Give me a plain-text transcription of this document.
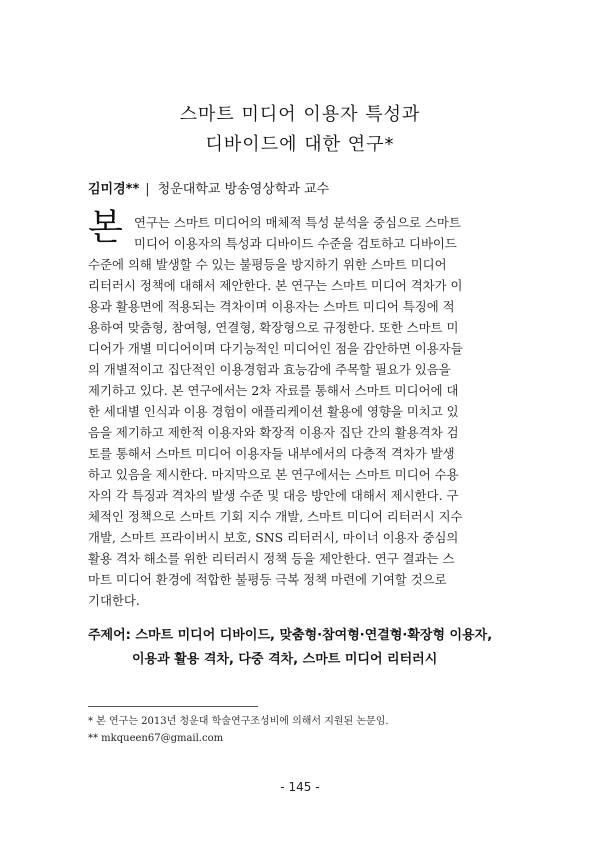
스마트 미디어 이용자 특성과
디바이드에 대한 연구*
김미경** | 청운대학교 방송영상학과 교수
본 연구는 스마트 미디어의 매체적 특성 분석을 중심으로 스마트
미디어 이용자의 특성과 디바이드 수준을 검토하고 디바이드
수준에 의해 발생할 수 있는 불평등을 방지하기 위한 스마트 미디어
리터러시 정책에 대해서 제안한다. 본 연구는 스마트 미디어 격차가 이
용과 활용면에 적용되는 격차이며 이용자는 스마트 미디어 특징에 적
용하여 맞춤형, 참여형, 연결형, 확장형으로 규정한다. 또한 스마트 미
디어가 개별 미디어이며 다기능적인 미디어인 점을 감안하면 이용자들
의 개별적이고 집단적인 이용경험과 효능감에 주목할 필요가 있음을
제기하고 있다. 본 연구에서는 2차 자료를 통해서 스마트 미디어에 대
한 세대별 인식과 이용 경험이 애플리케이션 활용에 영향을 미치고 있
음을 제기하고 제한적 이용자와 확장적 이용자 집단 간의 활용격차 검
토를 통해서 스마트 미디어 이용자들 내부에서의 다층적 격차가 발생
하고 있음을 제시한다. 마지막으로 본 연구에서는 스마트 미디어 수용
자의 각 특징과 격차의 발생 수준 및 대응 방안에 대해서 제시한다. 구
체적인 정책으로 스마트 기회 지수 개발, 스마트 미디어 리터러시 지수
개발, 스마트 프라이버시 보호, SNS 리터러시, 마이너 이용자 중심의
활용 격차 해소를 위한 리터러시 정책 등을 제안한다. 연구 결과는 스
마트 미디어 환경에 적합한 불평등 극복 정책 마련에 기여할 것으로
기대한다.
주제어: 스마트 미디어 디바이드, 맞춤형·참여형·연결형·확장형 이용자,
이용과 활용 격차, 다중 격차, 스마트 미디어 리터러시
* 본 연구는 2013년 청운대 학술연구조성비에 의해서 지원된 논문임.
** mkqueen67@gmail.com
- 145 -
